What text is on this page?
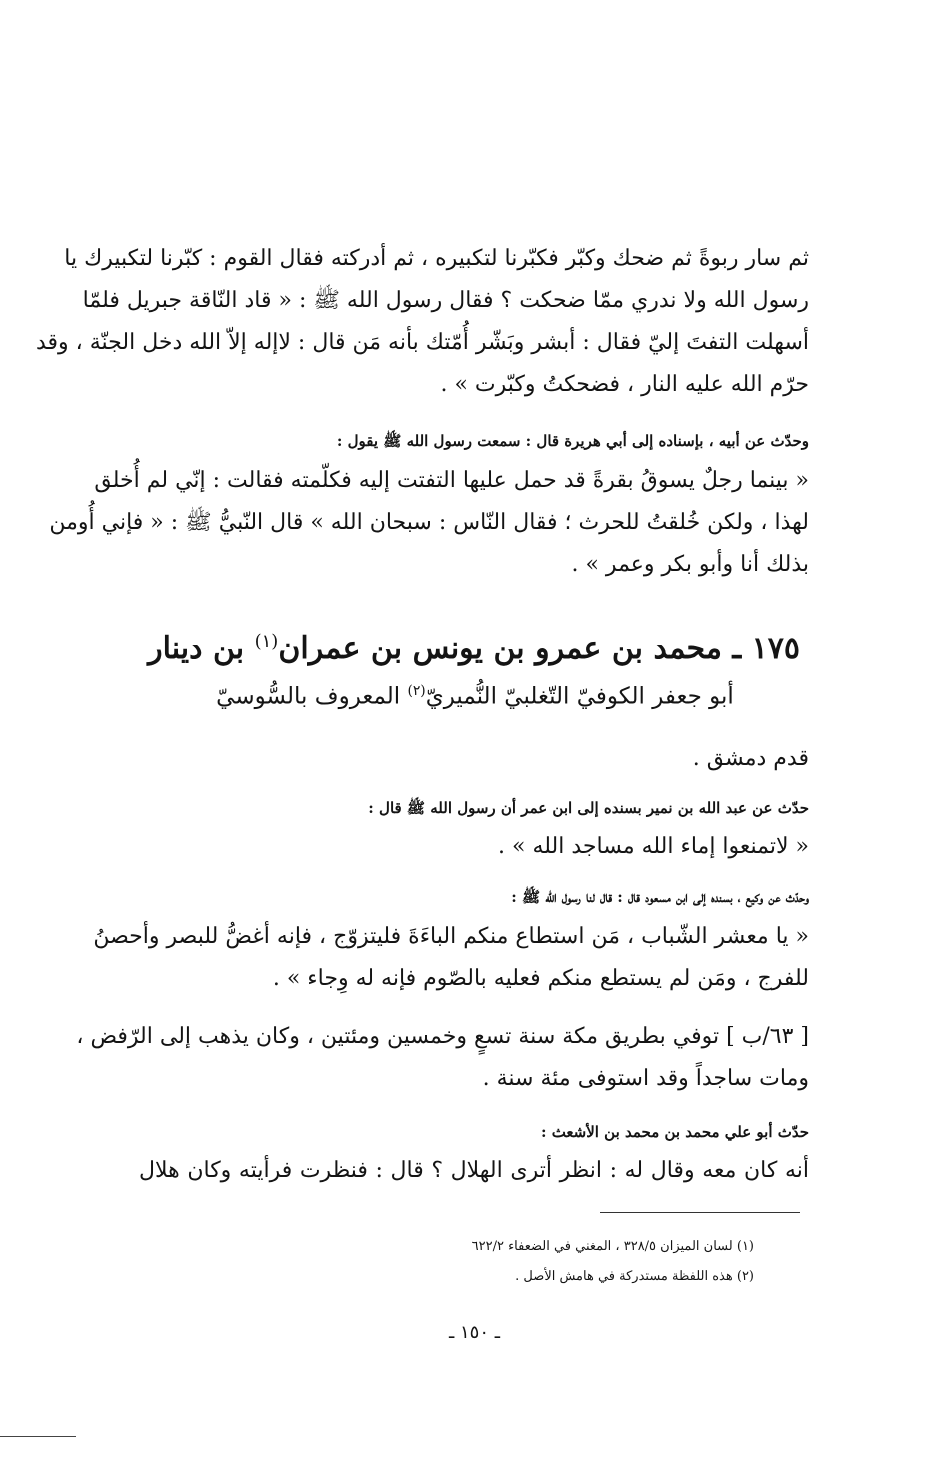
ثم سار ربوةً ثم ضحك وكبّر فكبّرنا لتكبيره ، ثم أدركته فقال القوم : كبّرنا لتكبيرك يا
رسول الله ولا ندري ممّا ضحكت ؟ فقال رسول الله ﷺ : « قاد النّاقة جبريل فلمّا
أسهلت التفتَ إليّ فقال : أبشر وبَشّر أُمّتك بأنه مَن قال : لاإله إلاّ الله دخل الجنّة ، وقد
حرّم الله عليه النار ، فضحكتُ وكبّرت » .
وحدّث عن أبيه ، بإسناده إلى أبي هريرة قال : سمعت رسول الله ﷺ يقول :
« بينما رجلٌ يسوقُ بقرةً قد حمل عليها التفتت إليه فكلّمته فقالت : إنّي لم أُخلق
لهذا ، ولكن خُلقتُ للحرث ؛ فقال النّاس : سبحان الله » قال النّبيُّ ﷺ : « فإني أُومن
بذلك أنا وأبو بكر وعمر » .
١٧٥ ـ محمد بن عمرو بن يونس بن عمران$^{(١)}$ بن دينار
أبو جعفر الكوفيّ التّغلبيّ النُّميريّ$^{(٢)}$ المعروف بالسُّوسيّ
قدم دمشق .
حدّث عن عبد الله بن نمير بسنده إلى ابن عمر أن رسول الله ﷺ قال :
« لاتمنعوا إماء الله مساجد الله » .
وحدّث عن وكيع ، بسنده إلى ابن مسعود قال : قال لنا رسول الله ﷺ :
« يا معشر الشّباب ، مَن استطاع منكم الباءَةَ فليتزوّج ، فإنه أغضُّ للبصر وأحصنُ
للفرج ، ومَن لم يستطع منكم فعليه بالصّوم فإنه له وِجاء » .
[ ٦٣/ب ] توفي بطريق مكة سنة تسعٍ وخمسين ومئتين ، وكان يذهب إلى الرّفض ،
ومات ساجداً وقد استوفى مئة سنة .
حدّث أبو علي محمد بن محمد بن الأشعث :
أنه كان معه وقال له : انظر أترى الهلال ؟ قال : فنظرت فرأيته وكان هلال
(١) لسان الميزان ٣٢٨/٥ ، المغني في الضعفاء ٦٢٢/٢
(٢) هذه اللفظة مستدركة في هامش الأصل .
ـ ١٥٠ ـ
